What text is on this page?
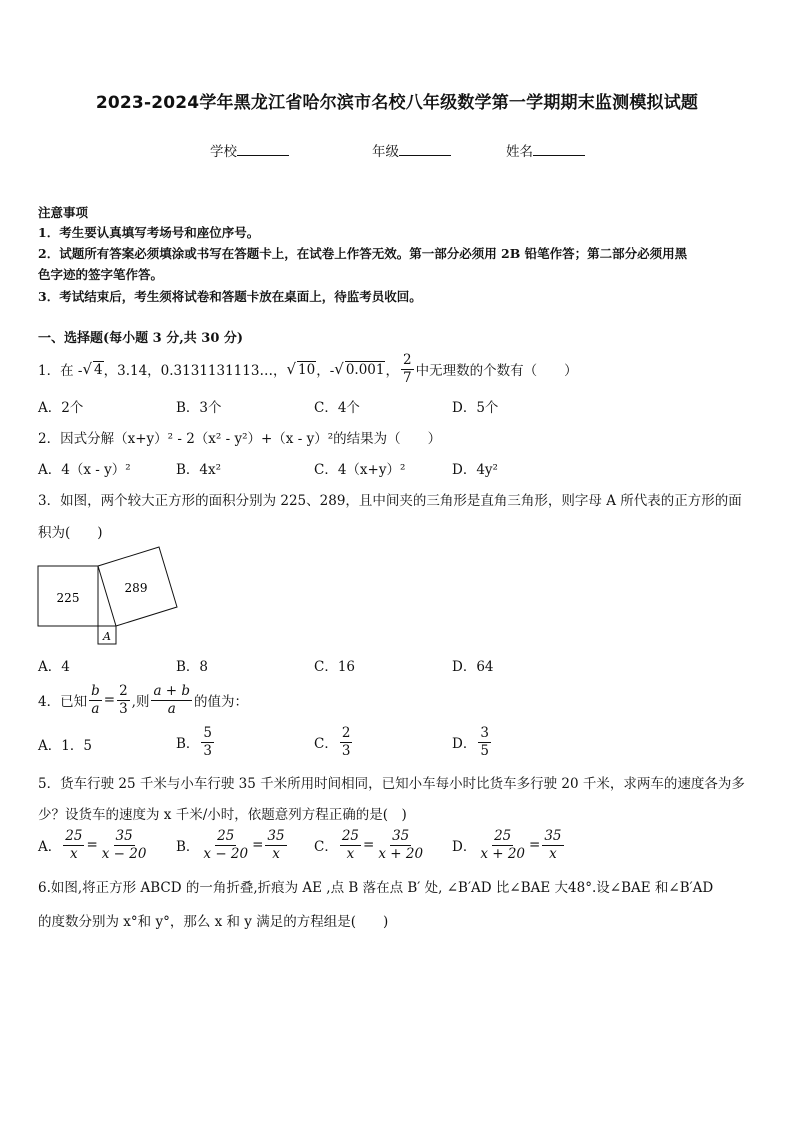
2023-2024学年黑龙江省哈尔滨市名校八年级数学第一学期期末监测模拟试题
学校	年级	姓名
注意事项
1．考生要认真填写考场号和座位序号。
2．试题所有答案必须填涂或书写在答题卡上，在试卷上作答无效。第一部分必须用 2B 铅笔作答；第二部分必须用黑
色字迹的签字笔作答。
3．考试结束后，考生须将试卷和答题卡放在桌面上，待监考员收回。
一、选择题(每小题 3 分,共 30 分)
1．在 - √ 4 ，3.14，0.3131131113…， √ 10 ，- √ 0.001 ， $\frac{2}{7}$ 中无理数的个数有（　　）
A．2个	B．3个	C．4个	D．5个
2．因式分解（x+y）² - 2（x² - y²）+（x - y）²的结果为（　　）
A．4（x - y）²	B．4x²	C．4（x+y）²	D．4y²
3．如图，两个较大正方形的面积分别为 225、289，且中间夹的三角形是直角三角形，则字母 A 所代表的正方形的面
积为(　　)
225
289
A
A．4	B．8	C．16	D．64
4．已知 $\frac{b}{a} = \frac{2}{3}$ ,则 $\frac{a + b}{a}$ 的值为：
A．1．5	B． $\frac{5}{3}$	C． $\frac{2}{3}$	D． $\frac{3}{5}$
5．货车行驶 25 千米与小车行驶 35 千米所用时间相同，已知小车每小时比货车多行驶 20 千米，求两车的速度各为多
少？设货车的速度为 x 千米/小时，依题意列方程正确的是(　)
A． $\frac{25}{x} = \frac{35}{x - 20}$ B． $\frac{25}{x - 20} = \frac{35}{x}$ C． $\frac{25}{x} = \frac{35}{x + 20}$ D． $\frac{25}{x + 20} = \frac{35}{x}$
6.如图,将正方形 ABCD 的一角折叠,折痕为 AE ,点 B 落在点 B′ 处, ∠B′AD 比∠BAE 大48°.设∠BAE 和∠B′AD
的度数分别为 x°和 y°，那么 x 和 y 满足的方程组是(　　)
